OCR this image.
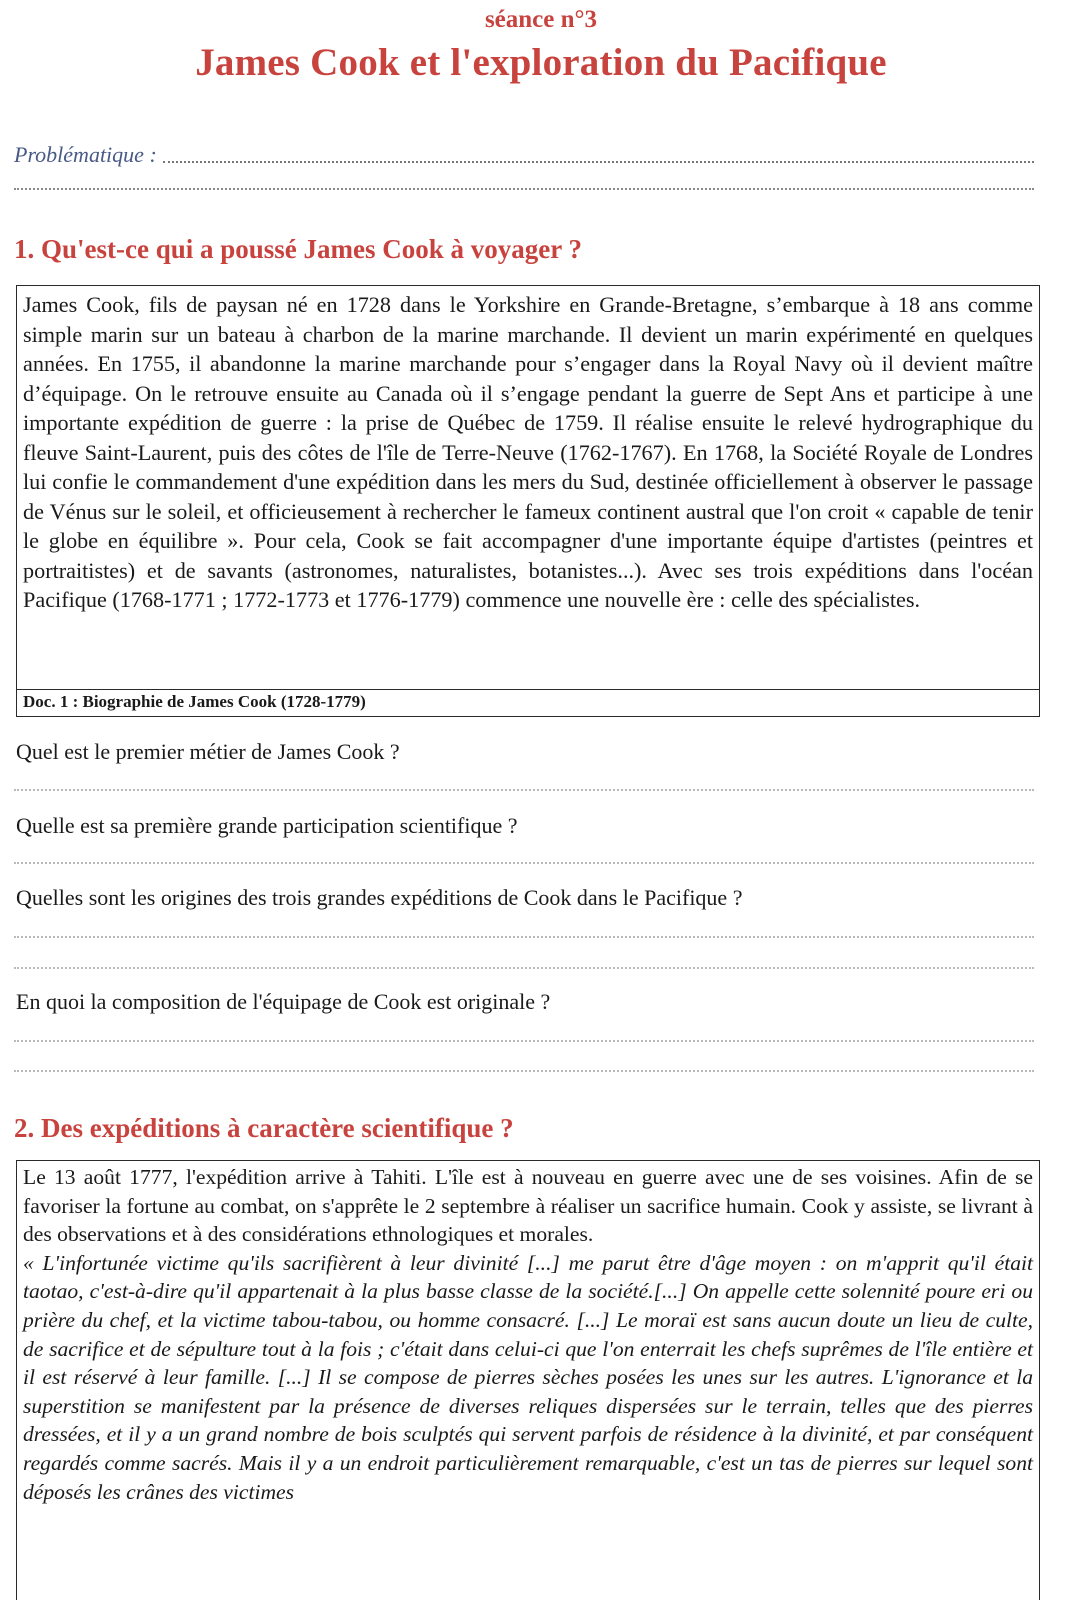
séance n°3
James Cook et l'exploration du Pacifique
Problématique :
1. Qu'est-ce qui a poussé James Cook à voyager ?
James Cook, fils de paysan né en 1728 dans le Yorkshire en Grande-Bretagne, s’embarque à 18 ans comme simple marin sur un bateau à charbon de la marine marchande. Il devient un marin expérimenté en quelques années. En 1755, il abandonne la marine marchande pour s’engager dans la Royal Navy où il devient maître d’équipage. On le retrouve ensuite au Canada où il s’engage pendant la guerre de Sept Ans et participe à une importante expédition de guerre : la prise de Québec de 1759. Il réalise ensuite le relevé hydrographique du fleuve Saint-Laurent, puis des côtes de l'île de Terre-Neuve (1762-1767). En 1768, la Société Royale de Londres lui confie le commandement d'une expédition dans les mers du Sud, destinée officiellement à observer le passage de Vénus sur le soleil, et officieusement à rechercher le fameux continent austral que l'on croit « capable de tenir le globe en équilibre ». Pour cela, Cook se fait accompagner d'une importante équipe d'artistes (peintres et portraitistes) et de savants (astronomes, naturalistes, botanistes...). Avec ses trois expéditions dans l'océan Pacifique (1768-1771 ; 1772-1773 et 1776-1779) commence une nouvelle ère : celle des spécialistes.
Doc. 1 : Biographie de James Cook (1728-1779)
Quel est le premier métier de James Cook ?
Quelle est sa première grande participation scientifique ?
Quelles sont les origines des trois grandes expéditions de Cook dans le Pacifique ?
En quoi la composition de l'équipage de Cook est originale ?
2. Des expéditions à caractère scientifique ?
Le 13 août 1777, l'expédition arrive à Tahiti. L'île est à nouveau en guerre avec une de ses voisines. Afin de se favoriser la fortune au combat, on s'apprête le 2 septembre à réaliser un sacrifice humain. Cook y assiste, se livrant à des observations et à des considérations ethnologiques et morales.
« L'infortunée victime qu'ils sacrifièrent à leur divinité [...] me parut être d'âge moyen : on m'apprit qu'il était taotao, c'est-à-dire qu'il appartenait à la plus basse classe de la société.[...] On appelle cette solennité poure eri ou prière du chef, et la victime tabou-tabou, ou homme consacré. [...] Le moraï est sans aucun doute un lieu de culte, de sacrifice et de sépulture tout à la fois ; c'était dans celui-ci que l'on enterrait les chefs suprêmes de l'île entière et il est réservé à leur famille. [...] Il se compose de pierres sèches posées les unes sur les autres. L'ignorance et la superstition se manifestent par la présence de diverses reliques dispersées sur le terrain, telles que des pierres dressées, et il y a un grand nombre de bois sculptés qui servent parfois de résidence à la divinité, et par conséquent regardés comme sacrés. Mais il y a un endroit particulièrement remarquable, c'est un tas de pierres sur lequel sont déposés les crânes des victimes
